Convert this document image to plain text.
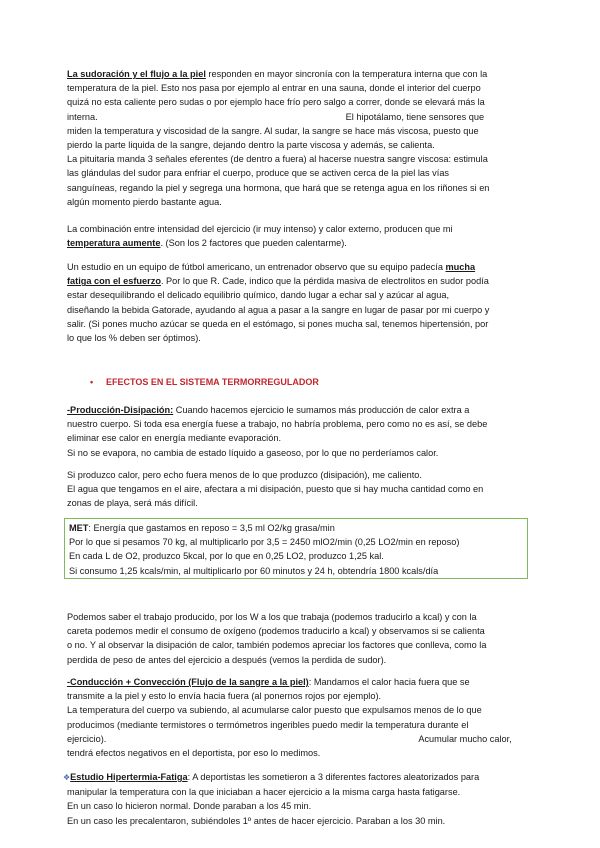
La sudoración y el flujo a la piel responden en mayor sincronía con la temperatura interna que con la
temperatura de la piel. Esto nos pasa por ejemplo al entrar en una sauna, donde el interior del cuerpo
quizá no esta caliente pero sudas o por ejemplo hace frío pero salgo a correr, donde se elevará más la
interna.	El hipotálamo, tiene sensores que
miden la temperatura y viscosidad de la sangre. Al sudar, la sangre se hace más viscosa, puesto que
pierdo la parte liquida de la sangre, dejando dentro la parte viscosa y además, se calienta.
La pituitaria manda 3 señales eferentes (de dentro a fuera) al hacerse nuestra sangre viscosa: estimula
las glándulas del sudor para enfriar el cuerpo, produce que se activen cerca de la piel las vías
sanguíneas, regando la piel y segrega una hormona, que hará que se retenga agua en los riñones si en
algún momento pierdo bastante agua.
La combinación entre intensidad del ejercicio (ir muy intenso) y calor externo, producen que mi
temperatura aumente. (Son los 2 factores que pueden calentarme).
Un estudio en un equipo de fútbol americano, un entrenador observo que su equipo padecía mucha
fatiga con el esfuerzo. Por lo que R. Cade, indico que la pérdida masiva de electrolitos en sudor podía
estar desequilibrando el delicado equilibrio químico, dando lugar a echar sal y azúcar al agua,
diseñando la bebida Gatorade, ayudando al agua a pasar a la sangre en lugar de pasar por mi cuerpo y
salir. (Si pones mucho azúcar se queda en el estómago, si pones mucha sal, tenemos hipertensión, por
lo que los % deben ser óptimos).
•	EFECTOS EN EL SISTEMA TERMORREGULADOR
-Producción-Disipación: Cuando hacemos ejercicio le sumamos más producción de calor extra a
nuestro cuerpo. Si toda esa energía fuese a trabajo, no habría problema, pero como no es así, se debe
eliminar ese calor en energía mediante evaporación.
Si no se evapora, no cambia de estado líquido a gaseoso, por lo que no perderíamos calor.
Si produzco calor, pero echo fuera menos de lo que produzco (disipación), me caliento.
El agua que tengamos en el aire, afectara a mi disipación, puesto que si hay mucha cantidad como en
zonas de playa, será más difícil.
MET: Energía que gastamos en reposo = 3,5 ml O2/kg grasa/min
Por lo que si pesamos 70 kg, al multiplicarlo por 3,5 = 2450 mlO2/min (0,25 LO2/min en reposo)
En cada L de O2, produzco 5kcal, por lo que en 0,25 LO2, produzco 1,25 kal.
Si consumo 1,25 kcals/min, al multiplicarlo por 60 minutos y 24 h, obtendría 1800 kcals/día
Podemos saber el trabajo producido, por los W a los que trabaja (podemos traducirlo a kcal) y con la
careta podemos medir el consumo de oxígeno (podemos traducirlo a kcal) y observamos si se calienta
o no. Y al observar la disipación de calor, también podemos apreciar los factores que conlleva, como la
perdida de peso de antes del ejercicio a después (vemos la perdida de sudor).
-Conducción + Convección (Flujo de la sangre a la piel): Mandamos el calor hacia fuera que se
transmite a la piel y esto lo envía hacia fuera (al ponernos rojos por ejemplo).
La temperatura del cuerpo va subiendo, al acumularse calor puesto que expulsamos menos de lo que
producimos (mediante termistores o termómetros ingeribles puedo medir la temperatura durante el
ejercicio).	Acumular mucho calor,
tendrá efectos negativos en el deportista, por eso lo medimos.
❖Estudio Hipertermia-Fatiga: A deportistas les sometieron a 3 diferentes factores aleatorizados para
manipular la temperatura con la que iniciaban a hacer ejercicio a la misma carga hasta fatigarse.
En un caso lo hicieron normal. Donde paraban a los 45 min.
En un caso les precalentaron, subiéndoles 1º antes de hacer ejercicio. Paraban a los 30 min.
